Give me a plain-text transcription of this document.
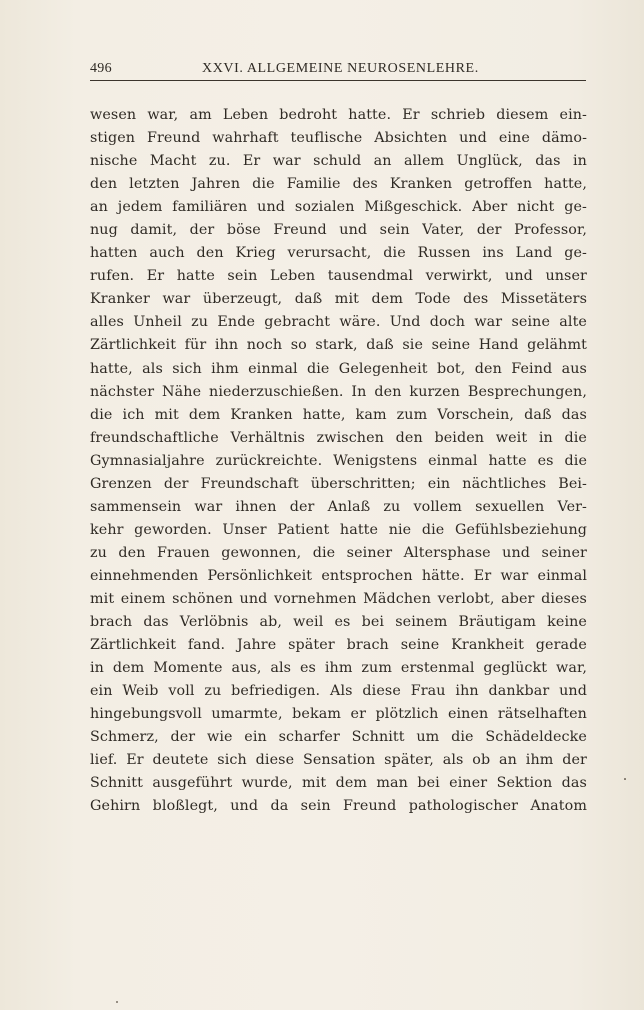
496	XXVI. ALLGEMEINE NEUROSENLEHRE.
wesen war, am Leben bedroht hatte. Er schrieb diesem ein-
stigen Freund wahrhaft teuflische Absichten und eine dämo-
nische Macht zu. Er war schuld an allem Unglück, das in
den letzten Jahren die Familie des Kranken getroffen hatte,
an jedem familiären und sozialen Mißgeschick. Aber nicht ge-
nug damit, der böse Freund und sein Vater, der Professor,
hatten auch den Krieg verursacht, die Russen ins Land ge-
rufen. Er hatte sein Leben tausendmal verwirkt, und unser
Kranker war überzeugt, daß mit dem Tode des Missetäters
alles Unheil zu Ende gebracht wäre. Und doch war seine alte
Zärtlichkeit für ihn noch so stark, daß sie seine Hand gelähmt
hatte, als sich ihm einmal die Gelegenheit bot, den Feind aus
nächster Nähe niederzuschießen. In den kurzen Besprechungen,
die ich mit dem Kranken hatte, kam zum Vorschein, daß das
freundschaftliche Verhältnis zwischen den beiden weit in die
Gymnasialjahre zurückreichte. Wenigstens einmal hatte es die
Grenzen der Freundschaft überschritten; ein nächtliches Bei-
sammensein war ihnen der Anlaß zu vollem sexuellen Ver-
kehr geworden. Unser Patient hatte nie die Gefühlsbeziehung
zu den Frauen gewonnen, die seiner Altersphase und seiner
einnehmenden Persönlichkeit entsprochen hätte. Er war einmal
mit einem schönen und vornehmen Mädchen verlobt, aber dieses
brach das Verlöbnis ab, weil es bei seinem Bräutigam keine
Zärtlichkeit fand. Jahre später brach seine Krankheit gerade
in dem Momente aus, als es ihm zum erstenmal geglückt war,
ein Weib voll zu befriedigen. Als diese Frau ihn dankbar und
hingebungsvoll umarmte, bekam er plötzlich einen rätselhaften
Schmerz, der wie ein scharfer Schnitt um die Schädeldecke
lief. Er deutete sich diese Sensation später, als ob an ihm der
Schnitt ausgeführt wurde, mit dem man bei einer Sektion das
Gehirn bloßlegt, und da sein Freund pathologischer Anatom
